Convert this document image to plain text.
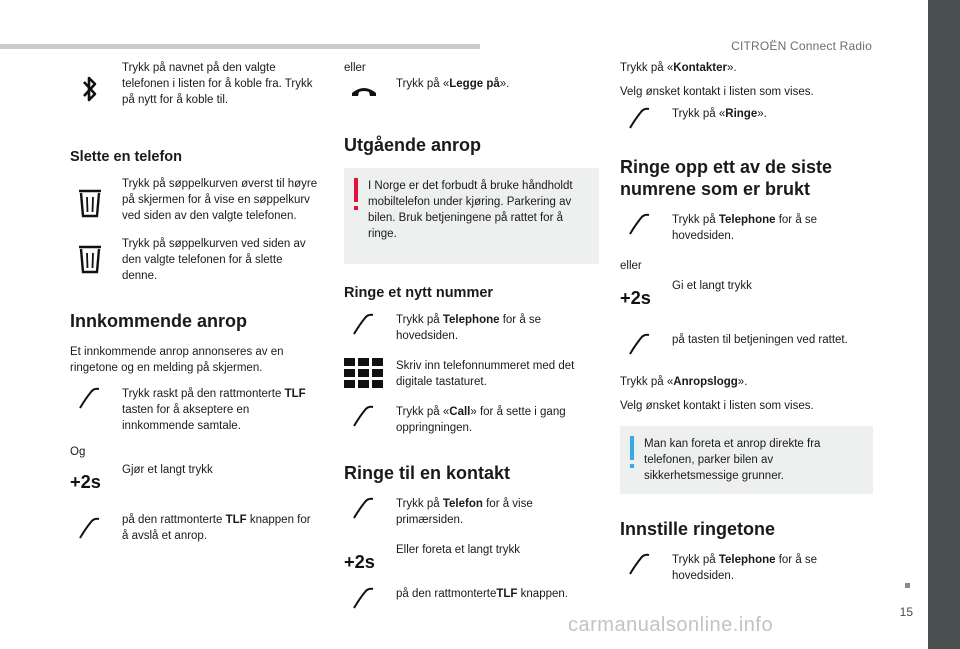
CITROËN Connect Radio
15
carmanualsonline.info
Trykk på navnet på den valgte telefonen i listen for å koble fra. Trykk på nytt for å koble til.
Slette en telefon
Trykk på søppelkurven øverst til høyre på skjermen for å vise en søppelkurv ved siden av den valgte telefonen.
Trykk på søppelkurven ved siden av den valgte telefonen for å slette denne.
Innkommende anrop

Et innkommende anrop annonseres av en ringetone og en melding på skjermen.

Trykk raskt på den rattmonterte TLF tasten for å akseptere en innkommende samtale.

Og

+2s
Gjør et langt trykk
på den rattmonterte TLF knappen for å avslå et anrop.

eller

Trykk på «Legge på».
Utgående anrop
I Norge er det forbudt å bruke håndholdt mobiltelefon under kjøring. Parkering av bilen. Bruk betjeningene på rattet for å ringe.
Ringe et nytt nummer
Trykk på Telephone for å se hovedsiden.
Skriv inn telefonnummeret med det digitale tastaturet.
Trykk på «Call» for å sette i gang oppringningen.
Ringe til en kontakt
Trykk på Telefon for å vise primærsiden.
+2s
Eller foreta et langt trykk
på den rattmonterteTLF knappen.

Trykk på «Kontakter».

Velg ønsket kontakt i listen som vises.

Trykk på «Ringe».
Ringe opp ett av de siste numrene som er brukt
Trykk på Telephone for å se hovedsiden.

eller

+2s
Gi et langt trykk
på tasten til betjeningen ved rattet.

Trykk på «Anropslogg».

Velg ønsket kontakt i listen som vises.

Man kan foreta et anrop direkte fra telefonen, parker bilen av sikkerhetsmessige grunner.
Innstille ringetone
Trykk på Telephone for å se hovedsiden.
